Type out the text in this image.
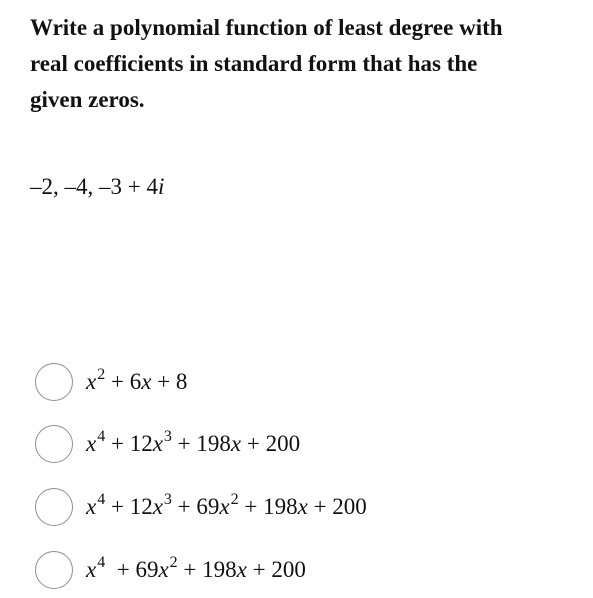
Write a polynomial function of least degree with
real coefficients in standard form that has the
given zeros.
–2, –4, –3 + 4i
$x^2 + 6x + 8$
$x^4 + 12x^3 + 198x + 200$
$x^4 + 12x^3 + 69x^2 + 198x + 200$
$x^4 + 69x^2 + 198x + 200$
